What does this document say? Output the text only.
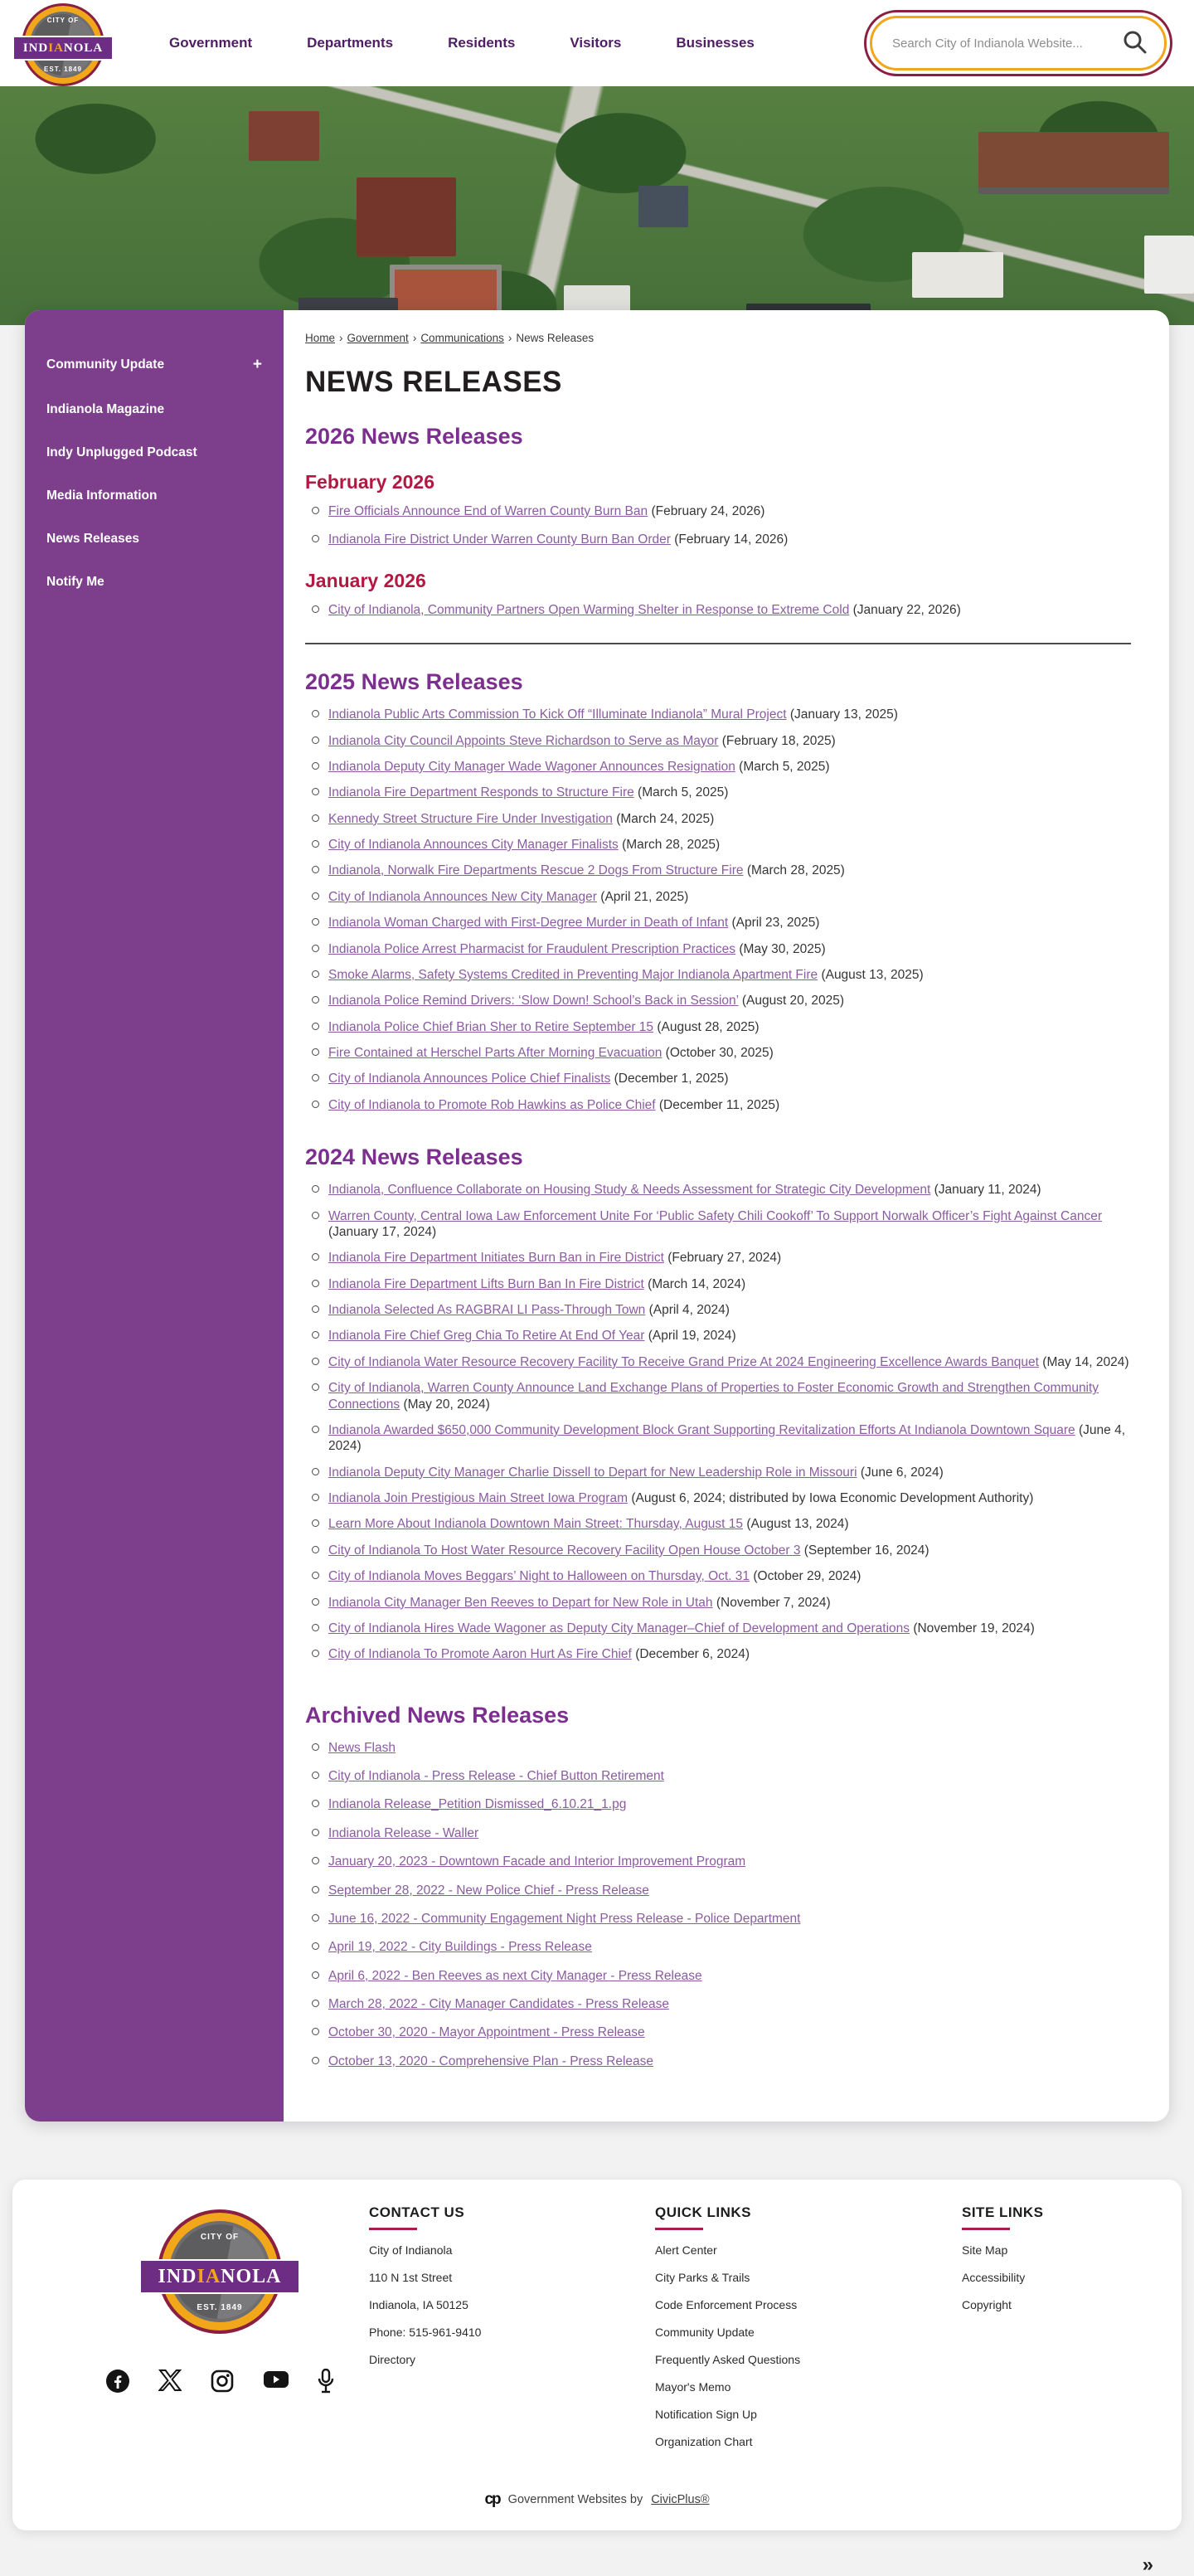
CITY OF
IND IA NOLA
EST. 1849
Government	Departments	Residents	Visitors	Businesses
Search City of Indianola Website...
Community Update	+
Indianola Magazine
Indy Unplugged Podcast
Media Information
News Releases
Notify Me
Home › Government › Communications › News Releases
NEWS RELEASES
2026 News Releases
February 2026
Fire Officials Announce End of Warren County Burn Ban (February 24, 2026)
Indianola Fire District Under Warren County Burn Ban Order (February 14, 2026)
January 2026
City of Indianola, Community Partners Open Warming Shelter in Response to Extreme Cold (January 22, 2026)
2025 News Releases
Indianola Public Arts Commission To Kick Off “Illuminate Indianola” Mural Project (January 13, 2025)
Indianola City Council Appoints Steve Richardson to Serve as Mayor (February 18, 2025)
Indianola Deputy City Manager Wade Wagoner Announces Resignation (March 5, 2025)
Indianola Fire Department Responds to Structure Fire (March 5, 2025)
Kennedy Street Structure Fire Under Investigation (March 24, 2025)
City of Indianola Announces City Manager Finalists (March 28, 2025)
Indianola, Norwalk Fire Departments Rescue 2 Dogs From Structure Fire (March 28, 2025)
City of Indianola Announces New City Manager (April 21, 2025)
Indianola Woman Charged with First-Degree Murder in Death of Infant (April 23, 2025)
Indianola Police Arrest Pharmacist for Fraudulent Prescription Practices (May 30, 2025)
Smoke Alarms, Safety Systems Credited in Preventing Major Indianola Apartment Fire (August 13, 2025)
Indianola Police Remind Drivers: ‘Slow Down! School’s Back in Session’ (August 20, 2025)
Indianola Police Chief Brian Sher to Retire September 15 (August 28, 2025)
Fire Contained at Herschel Parts After Morning Evacuation (October 30, 2025)
City of Indianola Announces Police Chief Finalists (December 1, 2025)
City of Indianola to Promote Rob Hawkins as Police Chief (December 11, 2025)
2024 News Releases
Indianola, Confluence Collaborate on Housing Study & Needs Assessment for Strategic City Development (January 11, 2024)
Warren County, Central Iowa Law Enforcement Unite For ‘Public Safety Chili Cookoff’ To Support Norwalk Officer’s Fight Against Cancer (January 17, 2024)
Indianola Fire Department Initiates Burn Ban in Fire District (February 27, 2024)
Indianola Fire Department Lifts Burn Ban In Fire District (March 14, 2024)
Indianola Selected As RAGBRAI LI Pass-Through Town (April 4, 2024)
Indianola Fire Chief Greg Chia To Retire At End Of Year (April 19, 2024)
City of Indianola Water Resource Recovery Facility To Receive Grand Prize At 2024 Engineering Excellence Awards Banquet (May 14, 2024)
City of Indianola, Warren County Announce Land Exchange Plans of Properties to Foster Economic Growth and Strengthen Community Connections (May 20, 2024)
Indianola Awarded $650,000 Community Development Block Grant Supporting Revitalization Efforts At Indianola Downtown Square (June 4, 2024)
Indianola Deputy City Manager Charlie Dissell to Depart for New Leadership Role in Missouri (June 6, 2024)
Indianola Join Prestigious Main Street Iowa Program (August 6, 2024; distributed by Iowa Economic Development Authority)
Learn More About Indianola Downtown Main Street: Thursday, August 15 (August 13, 2024)
City of Indianola To Host Water Resource Recovery Facility Open House October 3 (September 16, 2024)
City of Indianola Moves Beggars’ Night to Halloween on Thursday, Oct. 31 (October 29, 2024)
Indianola City Manager Ben Reeves to Depart for New Role in Utah (November 7, 2024)
City of Indianola Hires Wade Wagoner as Deputy City Manager–Chief of Development and Operations (November 19, 2024)
City of Indianola To Promote Aaron Hurt As Fire Chief (December 6, 2024)
Archived News Releases
News Flash
City of Indianola - Press Release - Chief Button Retirement
Indianola Release_Petition Dismissed_6.10.21_1.pg
Indianola Release - Waller
January 20, 2023 - Downtown Facade and Interior Improvement Program
September 28, 2022 - New Police Chief - Press Release
June 16, 2022 - Community Engagement Night Press Release - Police Department
April 19, 2022 - City Buildings - Press Release
April 6, 2022 - Ben Reeves as next City Manager - Press Release
March 28, 2022 - City Manager Candidates - Press Release
October 30, 2020 - Mayor Appointment - Press Release
October 13, 2020 - Comprehensive Plan - Press Release
CITY OF
IND IA NOLA
EST. 1849
CONTACT US
City of Indianola
110 N 1st Street
Indianola, IA 50125
Phone: 515-961-9410
Directory
QUICK LINKS
Alert Center
City Parks & Trails
Code Enforcement Process
Community Update
Frequently Asked Questions
Mayor's Memo
Notification Sign Up
Organization Chart
SITE LINKS
Site Map
Accessibility
Copyright
cp Government Websites by CivicPlus®
»
